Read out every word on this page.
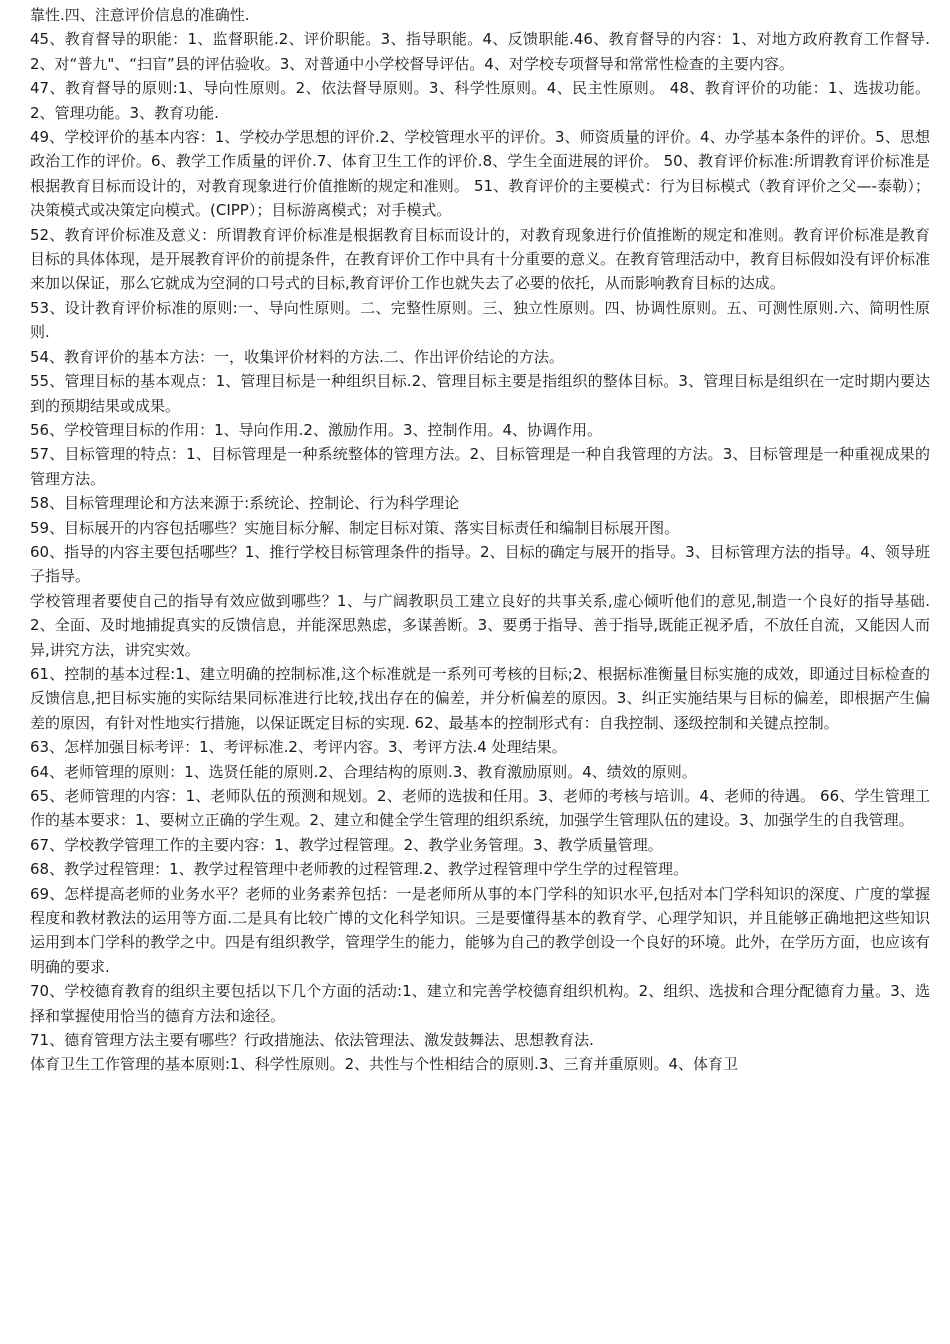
靠性.四、注意评价信息的准确性.

45、教育督导的职能：1、监督职能.2、评价职能。3、指导职能。4、反馈职能.46、教育督导的内容：1、对地方政府教育工作督导.2、对“普九"、“扫盲”县的评估验收。3、对普通中小学校督导评估。4、对学校专项督导和常常性检查的主要内容。

47、教育督导的原则:1、导向性原则。2、依法督导原则。3、科学性原则。4、民主性原则。 48、教育评价的功能：1、选拔功能。2、管理功能。3、教育功能.

49、学校评价的基本内容：1、学校办学思想的评价.2、学校管理水平的评价。3、师资质量的评价。4、办学基本条件的评价。5、思想政治工作的评价。6、教学工作质量的评价.7、体育卫生工作的评价.8、学生全面进展的评价。 50、教育评价标准:所谓教育评价标准是根据教育目标而设计的，对教育现象进行价值推断的规定和准则。 51、教育评价的主要模式：行为目标模式（教育评价之父—-泰勒）；决策模式或决策定向模式。(CIPP）；目标游离模式；对手模式。

52、教育评价标准及意义：所谓教育评价标准是根据教育目标而设计的，对教育现象进行价值推断的规定和准则。教育评价标准是教育目标的具体体现，是开展教育评价的前提条件，在教育评价工作中具有十分重要的意义。在教育管理活动中，教育目标假如没有评价标准来加以保证，那么它就成为空洞的口号式的目标,教育评价工作也就失去了必要的依托，从而影响教育目标的达成。

53、设计教育评价标准的原则:一、导向性原则。二、完整性原则。三、独立性原则。四、协调性原则。五、可测性原则.六、简明性原则.

54、教育评价的基本方法：一，收集评价材料的方法.二、作出评价结论的方法。

55、管理目标的基本观点：1、管理目标是一种组织目标.2、管理目标主要是指组织的整体目标。3、管理目标是组织在一定时期内要达到的预期结果或成果。

56、学校管理目标的作用：1、导向作用.2、激励作用。3、控制作用。4、协调作用。

57、目标管理的特点：1、目标管理是一种系统整体的管理方法。2、目标管理是一种自我管理的方法。3、目标管理是一种重视成果的管理方法。

58、目标管理理论和方法来源于:系统论、控制论、行为科学理论

59、目标展开的内容包括哪些？实施目标分解、制定目标对策、落实目标责任和编制目标展开图。

60、指导的内容主要包括哪些？1、推行学校目标管理条件的指导。2、目标的确定与展开的指导。3、目标管理方法的指导。4、领导班子指导。

学校管理者要使自己的指导有效应做到哪些？1、与广阔教职员工建立良好的共事关系,虚心倾听他们的意见,制造一个良好的指导基础.2、全面、及时地捕捉真实的反馈信息，并能深思熟虑，多谋善断。3、要勇于指导、善于指导,既能正视矛盾，不放任自流，又能因人而异,讲究方法，讲究实效。

61、控制的基本过程:1、建立明确的控制标准,这个标准就是一系列可考核的目标;2、根据标准衡量目标实施的成效，即通过目标检查的反馈信息,把目标实施的实际结果同标准进行比较,找出存在的偏差，并分析偏差的原因。3、纠正实施结果与目标的偏差，即根据产生偏差的原因，有针对性地实行措施，以保证既定目标的实现. 62、最基本的控制形式有：自我控制、逐级控制和关键点控制。

63、怎样加强目标考评：1、考评标准.2、考评内容。3、考评方法.4 处理结果。

64、老师管理的原则：1、选贤任能的原则.2、合理结构的原则.3、教育激励原则。4、绩效的原则。

65、老师管理的内容：1、老师队伍的预测和规划。2、老师的选拔和任用。3、老师的考核与培训。4、老师的待遇。 66、学生管理工作的基本要求：1、要树立正确的学生观。2、建立和健全学生管理的组织系统，加强学生管理队伍的建设。3、加强学生的自我管理。

67、学校教学管理工作的主要内容：1、教学过程管理。2、教学业务管理。3、教学质量管理。

68、教学过程管理：1、教学过程管理中老师教的过程管理.2、教学过程管理中学生学的过程管理。

69、怎样提高老师的业务水平？老师的业务素养包括：一是老师所从事的本门学科的知识水平,包括对本门学科知识的深度、广度的掌握程度和教材教法的运用等方面.二是具有比较广博的文化科学知识。三是要懂得基本的教育学、心理学知识，并且能够正确地把这些知识运用到本门学科的教学之中。四是有组织教学，管理学生的能力，能够为自己的教学创设一个良好的环境。此外，在学历方面，也应该有明确的要求.

70、学校德育教育的组织主要包括以下几个方面的活动:1、建立和完善学校德育组织机构。2、组织、选拔和合理分配德育力量。3、选择和掌握使用恰当的德育方法和途径。

71、德育管理方法主要有哪些？行政措施法、依法管理法、激发鼓舞法、思想教育法.

体育卫生工作管理的基本原则:1、科学性原则。2、共性与个性相结合的原则.3、三育并重原则。4、体育卫
